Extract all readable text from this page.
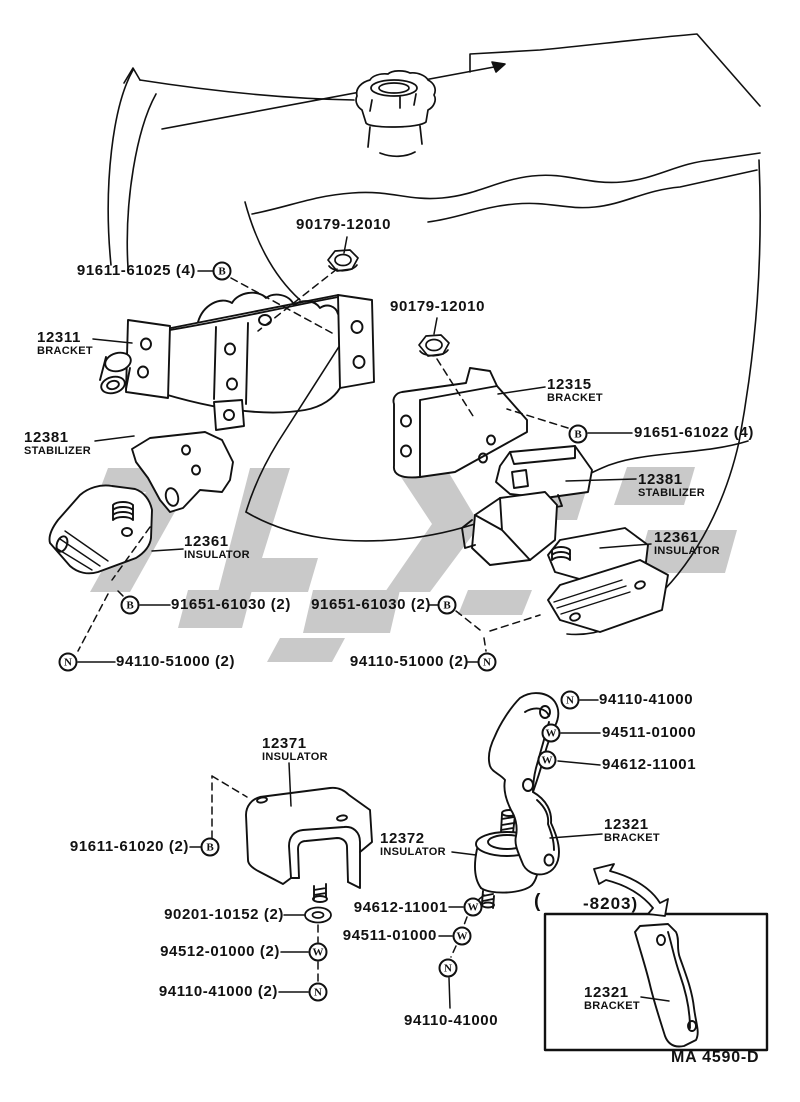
90179-12010
91611-61025 (4)
12311
BRACKET
90179-12010
12315
BRACKET
91651-61022 (4)
12381
STABILIZER
12361
INSULATOR
12381
STABILIZER
12361
INSULATOR
91651-61030 (2) 91651-61030 (2)
94110-51000 (2)	94110-51000 (2)
94110-41000
94511-01000
94612-11001
12371
INSULATOR
12321
BRACKET
91611-61020 (2)	12372
INSULATOR
90201-10152 (2)	94612-11001
94511-01000
94512-01000 (2)
94110-41000 (2)
94110-41000
12321
BRACKET
B
B
B	B
B
N	N
N
N
N
W
W
W
W
W
(	-8203)
MA 4590-D
